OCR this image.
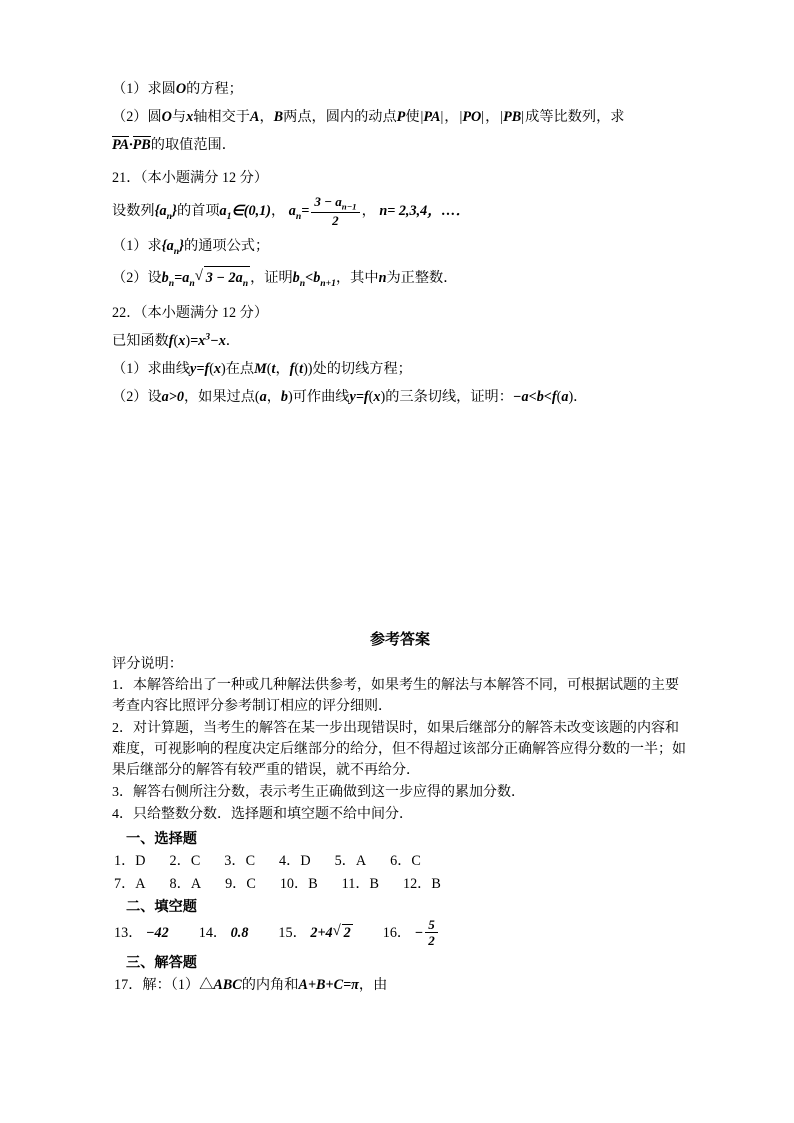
（1）求圆O的方程；

（2）圆O与x轴相交于A，B两点，圆内的动点P使|PA|，|PO|，|PB|成等比数列，求

PA·PB的取值范围．

21．（本小题满分 12 分）

设数列$\{a_n\}$的首项$a_1\in(0,1)$， $a_n= \frac{3 - a_{n-1}}{2}$ ， n= 2,3,4，…．

（1）求$\{a_n\}$的通项公式；

（2）设$b_n=a_n$ √ $3 - 2a_n$ ，证明$b_n<b_{n+1}$，其中n为正整数．

22．（本小题满分 12 分）

已知函数$f(x)=x^3-x$．

（1）求曲线y=f(x)在点M(t，f(t))处的切线方程；

（2）设a>0，如果过点(a，b)可作曲线y=f(x)的三条切线，证明：−a<b<f(a)．

参考答案

评分说明：

1．本解答给出了一种或几种解法供参考，如果考生的解法与本解答不同，可根据试题的主要考查内容比照评分参考制订相应的评分细则．

2．对计算题，当考生的解答在某一步出现错误时，如果后继部分的解答未改变该题的内容和难度，可视影响的程度决定后继部分的给分，但不得超过该部分正确解答应得分数的一半；如果后继部分的解答有较严重的错误，就不再给分．

3．解答右侧所注分数，表示考生正确做到这一步应得的累加分数．

4．只给整数分数．选择题和填空题不给中间分．

一、选择题

1．D 2．C 3．C 4．D 5．A 6．C

7．A 8．A 9．C 10．B 11．B 12．B

二、填空题

13． −42 14． 0.8 15． 2+4 √ 2 16． − $\frac{5}{2}$

三、解答题

17．解：（1）△ABC的内角和A+B+C=π，由
